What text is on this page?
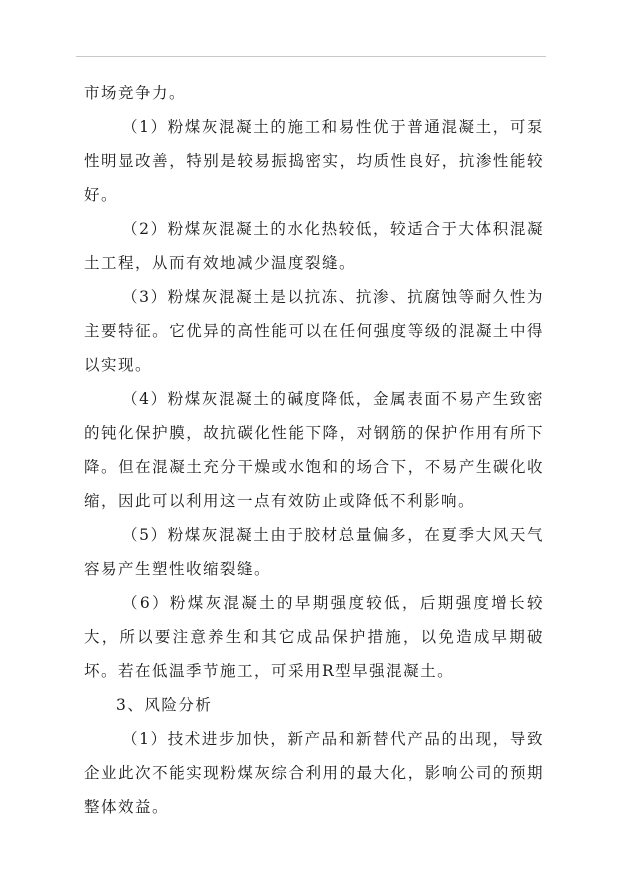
市场竞争力。

（1）粉煤灰混凝土的施工和易性优于普通混凝土，可泵性明显改善，特别是较易振捣密实，均质性良好，抗渗性能较好。

（2）粉煤灰混凝土的水化热较低，较适合于大体积混凝土工程，从而有效地减少温度裂缝。

（3）粉煤灰混凝土是以抗冻、抗渗、抗腐蚀等耐久性为主要特征。它优异的高性能可以在任何强度等级的混凝土中得以实现。

（4）粉煤灰混凝土的碱度降低，金属表面不易产生致密的钝化保护膜，故抗碳化性能下降，对钢筋的保护作用有所下降。但在混凝土充分干燥或水饱和的场合下，不易产生碳化收缩，因此可以利用这一点有效防止或降低不利影响。

（5）粉煤灰混凝土由于胶材总量偏多，在夏季大风天气容易产生塑性收缩裂缝。

（6）粉煤灰混凝土的早期强度较低，后期强度增长较大，所以要注意养生和其它成品保护措施，以免造成早期破坏。若在低温季节施工，可采用R型早强混凝土。

3、风险分析

（1）技术进步加快，新产品和新替代产品的出现，导致企业此次不能实现粉煤灰综合利用的最大化，影响公司的预期整体效益。
